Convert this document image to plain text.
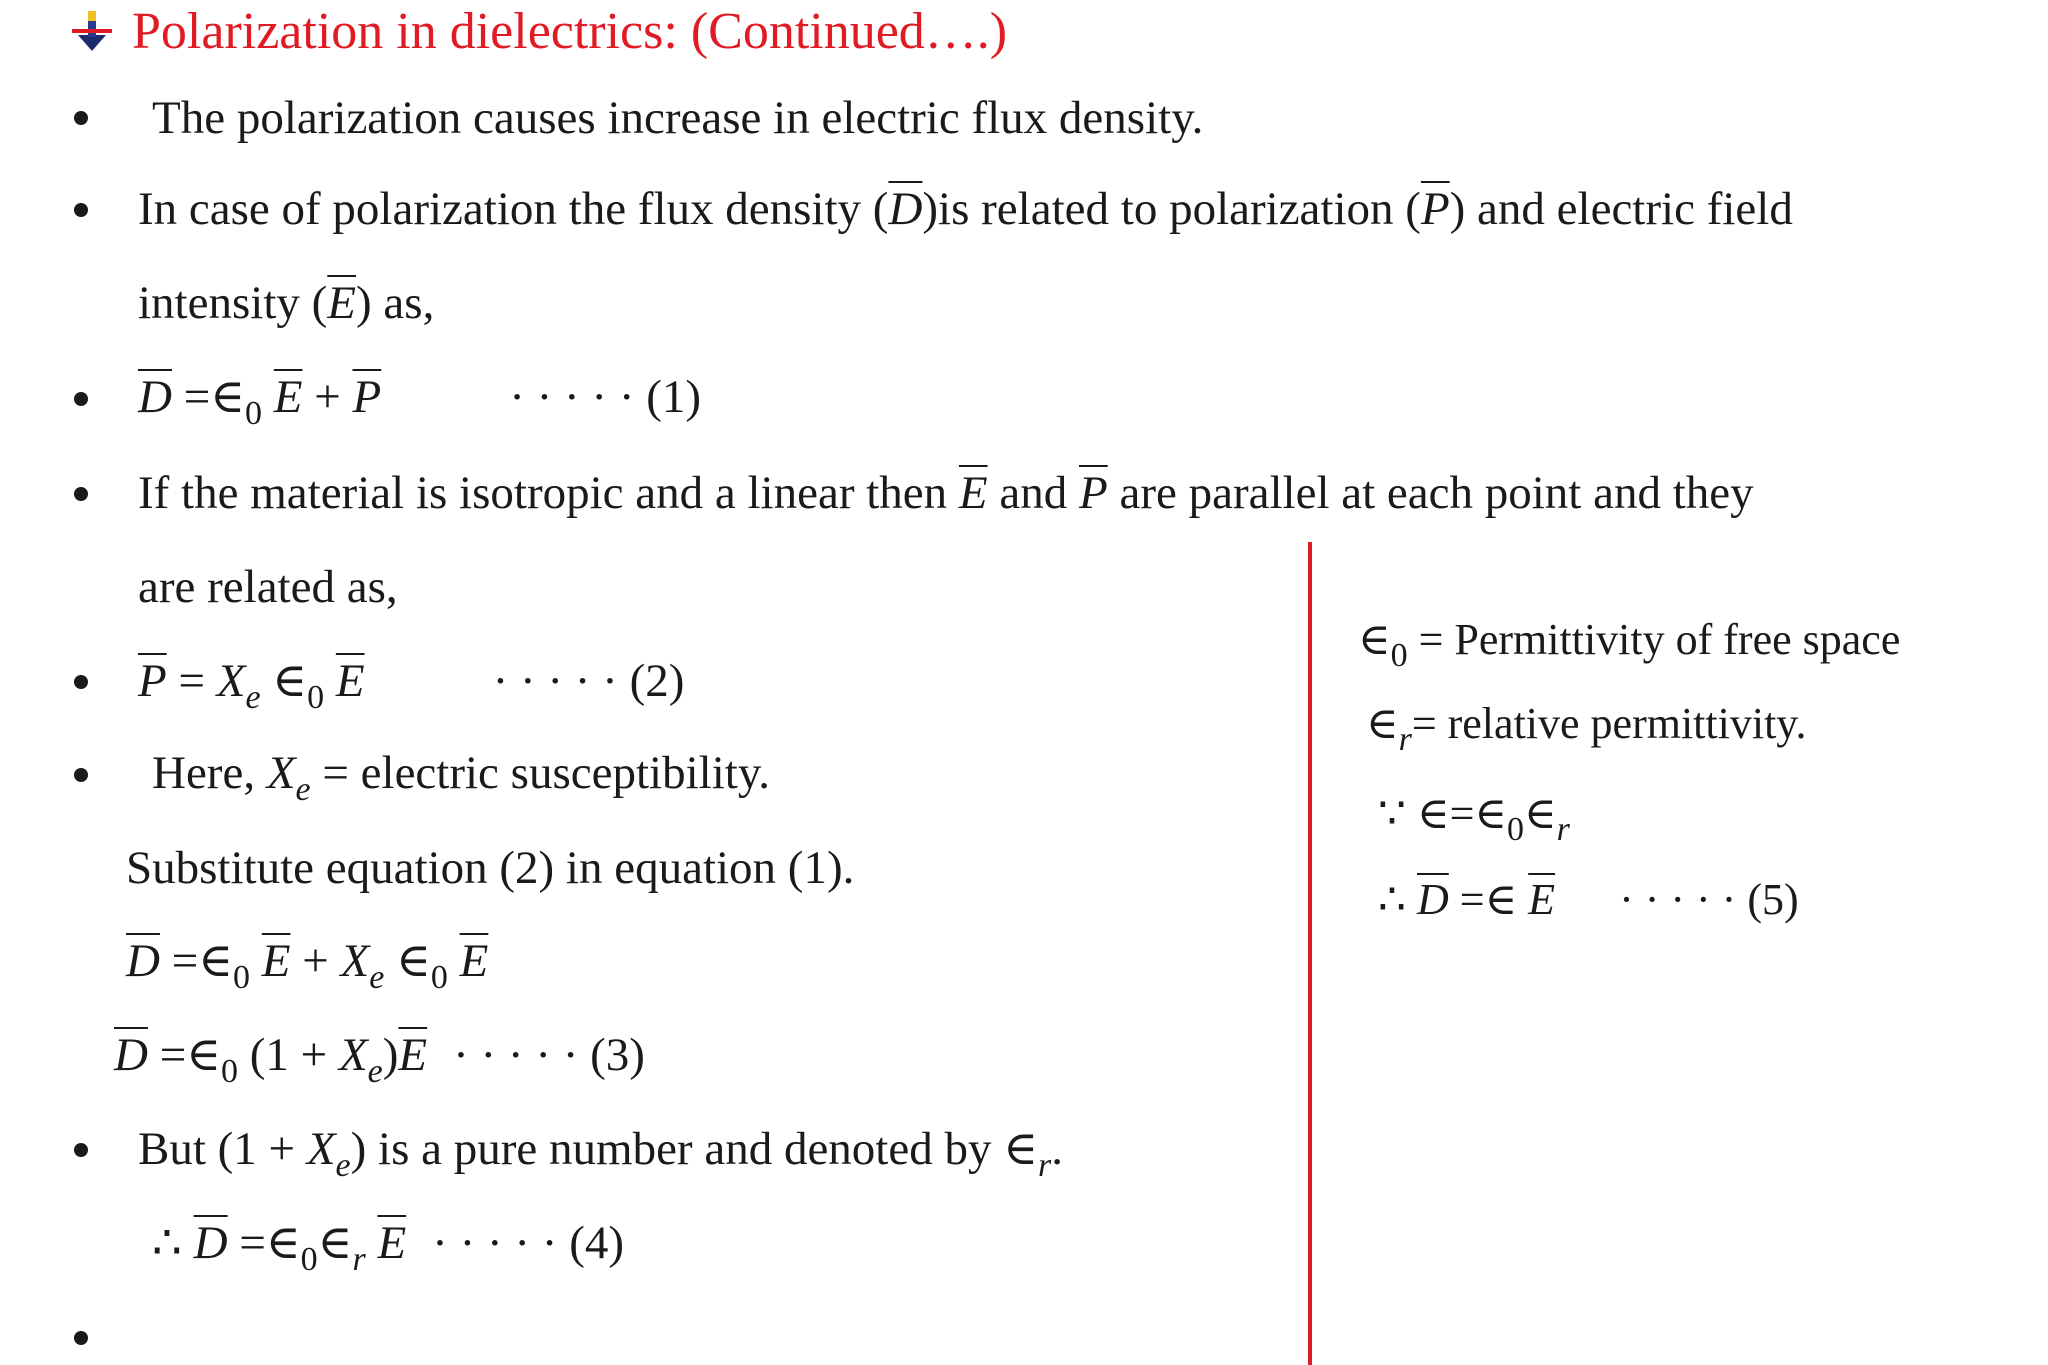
Polarization in dielectrics: (Continued….)
The polarization causes increase in electric flux density.
In case of polarization the flux density $(\overline{D})is$ related to polarization $(\overline{P})$ and electric field
intensity $(\overline{E})$ as,
$\overline{D}$ $=\in_0$ $\overline{E} + \overline{P}$	· · · · · (1)
If the material is isotropic and a linear then $\overline{E}$ and $\overline{P}$ are parallel at each point and they
are related as,
$\overline{P} = X_e$ $\in_0$ $\overline{E}$	· · · · · (2)
Here, $X_e$ = electric susceptibility.
Substitute equation (2) in equation (1).
$\overline{D}$ $=\in_0$ $\overline{E} + X_e$ $\in_0$ $\overline{E}$
$\overline{D}$ $=\in_0$ $(1 + X_e)\overline{E}$ · · · · · (3)
But $(1 + X_e)$ is a pure number and denoted by $\in_r$.
∴ $\overline{D}$ $=\in_0\in_r$ $\overline{E}$ · · · · · (4)
$\in_0$ = Permittivity of free space
$\in_r=$ relative permittivity.
∵ $\in=\in_0\in_r$
∴ $\overline{D}$ =∈ $\overline{E}$ · · · · · (5)
